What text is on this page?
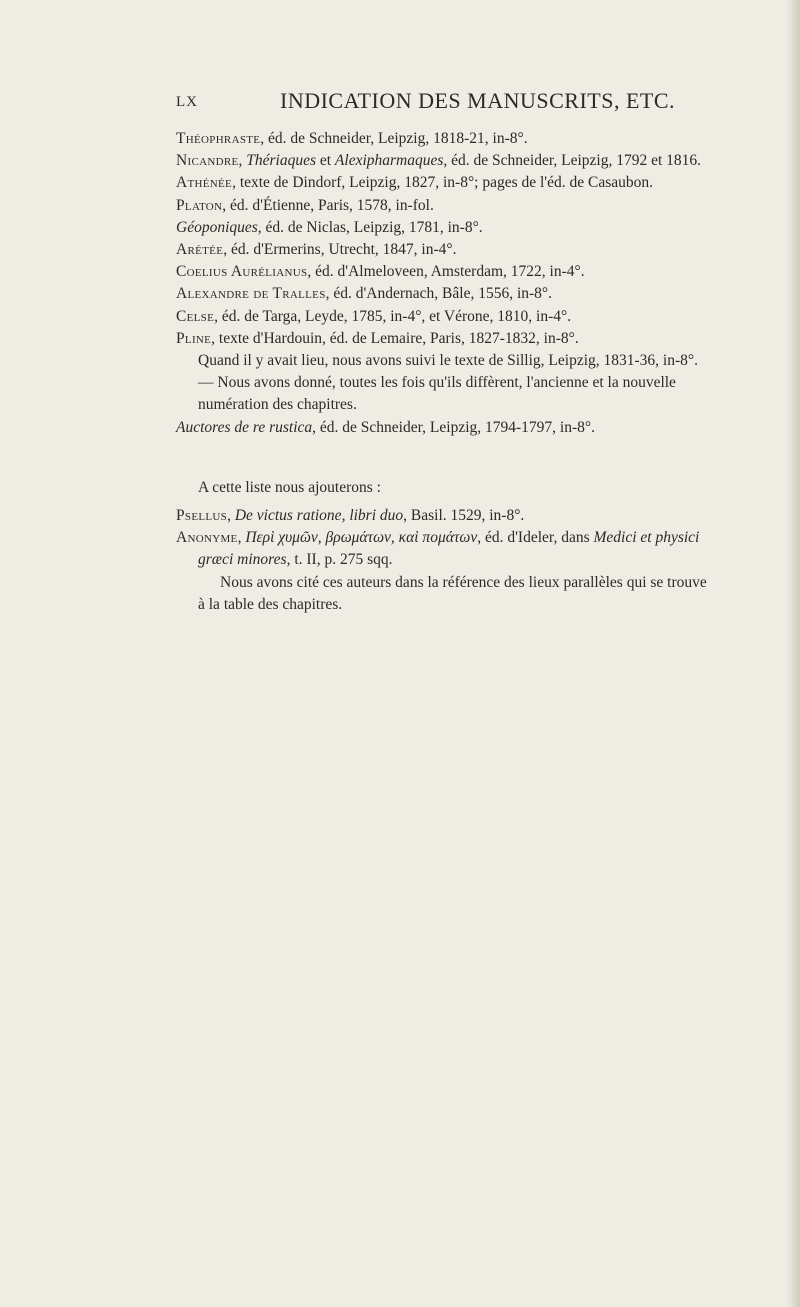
LX	INDICATION DES MANUSCRITS, ETC.

Théophraste, éd. de Schneider, Leipzig, 1818-21, in-8°.

Nicandre, Thériaques et Alexipharmaques, éd. de Schneider, Leipzig, 1792 et 1816.

Athénée, texte de Dindorf, Leipzig, 1827, in-8°; pages de l'éd. de Casaubon.

Platon, éd. d'Étienne, Paris, 1578, in-fol.

Géoponiques, éd. de Niclas, Leipzig, 1781, in-8°.

Arétée, éd. d'Ermerins, Utrecht, 1847, in-4°.

Coelius Aurélianus, éd. d'Almeloveen, Amsterdam, 1722, in-4°.

Alexandre de Tralles, éd. d'Andernach, Bâle, 1556, in-8°.

Celse, éd. de Targa, Leyde, 1785, in-4°, et Vérone, 1810, in-4°.

Pline, texte d'Hardouin, éd. de Lemaire, Paris, 1827-1832, in-8°.

Quand il y avait lieu, nous avons suivi le texte de Sillig, Leipzig, 1831-36, in-8°. — Nous avons donné, toutes les fois qu'ils diffèrent, l'ancienne et la nouvelle numération des chapitres.

Auctores de re rustica, éd. de Schneider, Leipzig, 1794-1797, in-8°.

A cette liste nous ajouterons :

Psellus, De victus ratione, libri duo, Basil. 1529, in-8°.

Anonyme, Περὶ χυμῶν, βρωμάτων, καὶ πομάτων, éd. d'Ideler, dans Medici et physici græci minores, t. II, p. 275 sqq.

Nous avons cité ces auteurs dans la référence des lieux parallèles qui se trouve à la table des chapitres.
